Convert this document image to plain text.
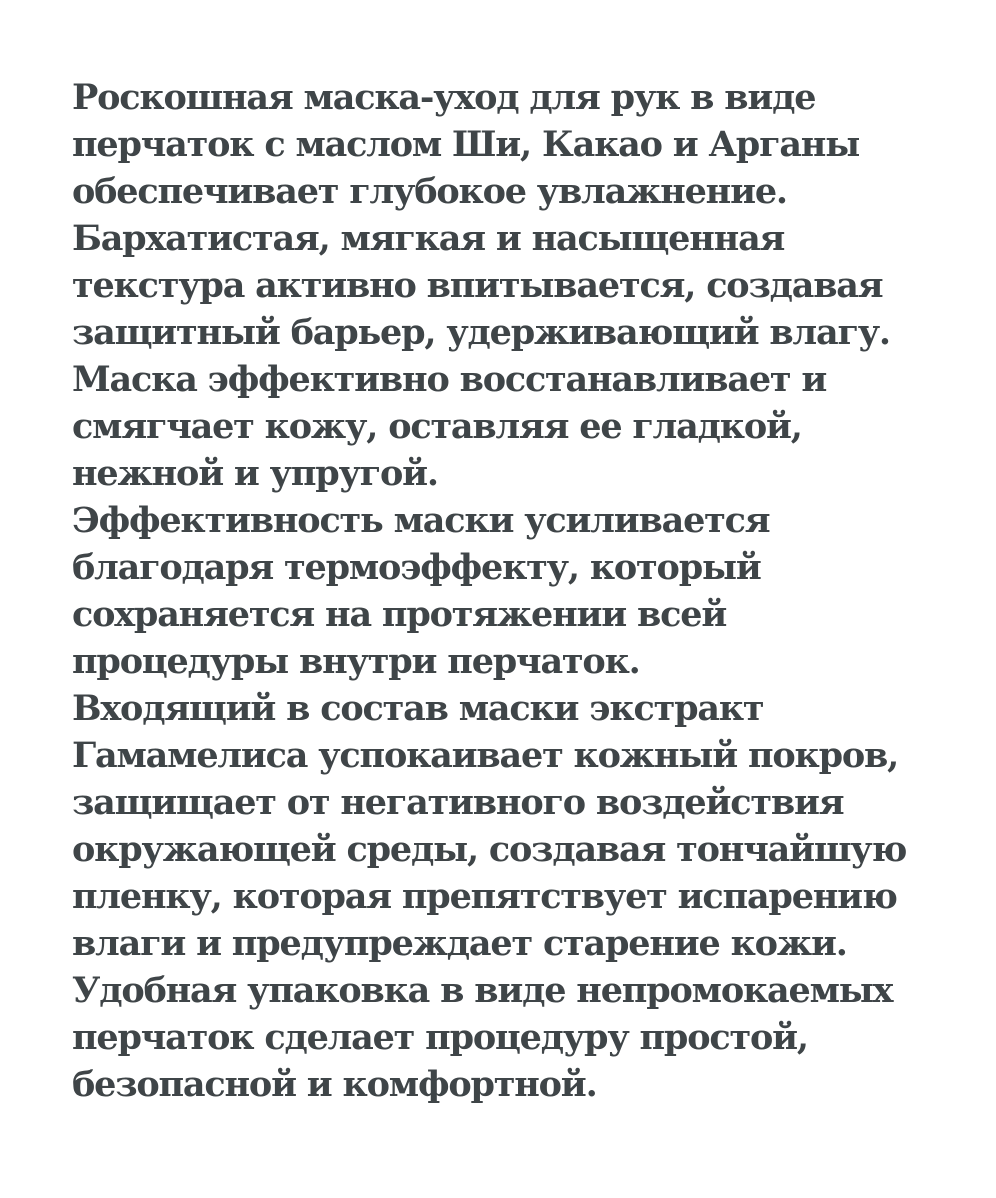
Роскошная маска-уход для рук в виде
перчаток с маслом Ши, Какао и Арганы
обеспечивает глубокое увлажнение.
Бархатистая, мягкая и насыщенная
текстура активно впитывается, создавая
защитный барьер, удерживающий влагу.
Маска эффективно восстанавливает и
смягчает кожу, оставляя ее гладкой,
нежной и упругой.
Эффективность маски усиливается
благодаря термоэффекту, который
сохраняется на протяжении всей
процедуры внутри перчаток.
Входящий в состав маски экстракт
Гамамелиса успокаивает кожный покров,
защищает от негативного воздействия
окружающей среды, создавая тончайшую
пленку, которая препятствует испарению
влаги и предупреждает старение кожи.
Удобная упаковка в виде непромокаемых
перчаток сделает процедуру простой,
безопасной и комфортной.
